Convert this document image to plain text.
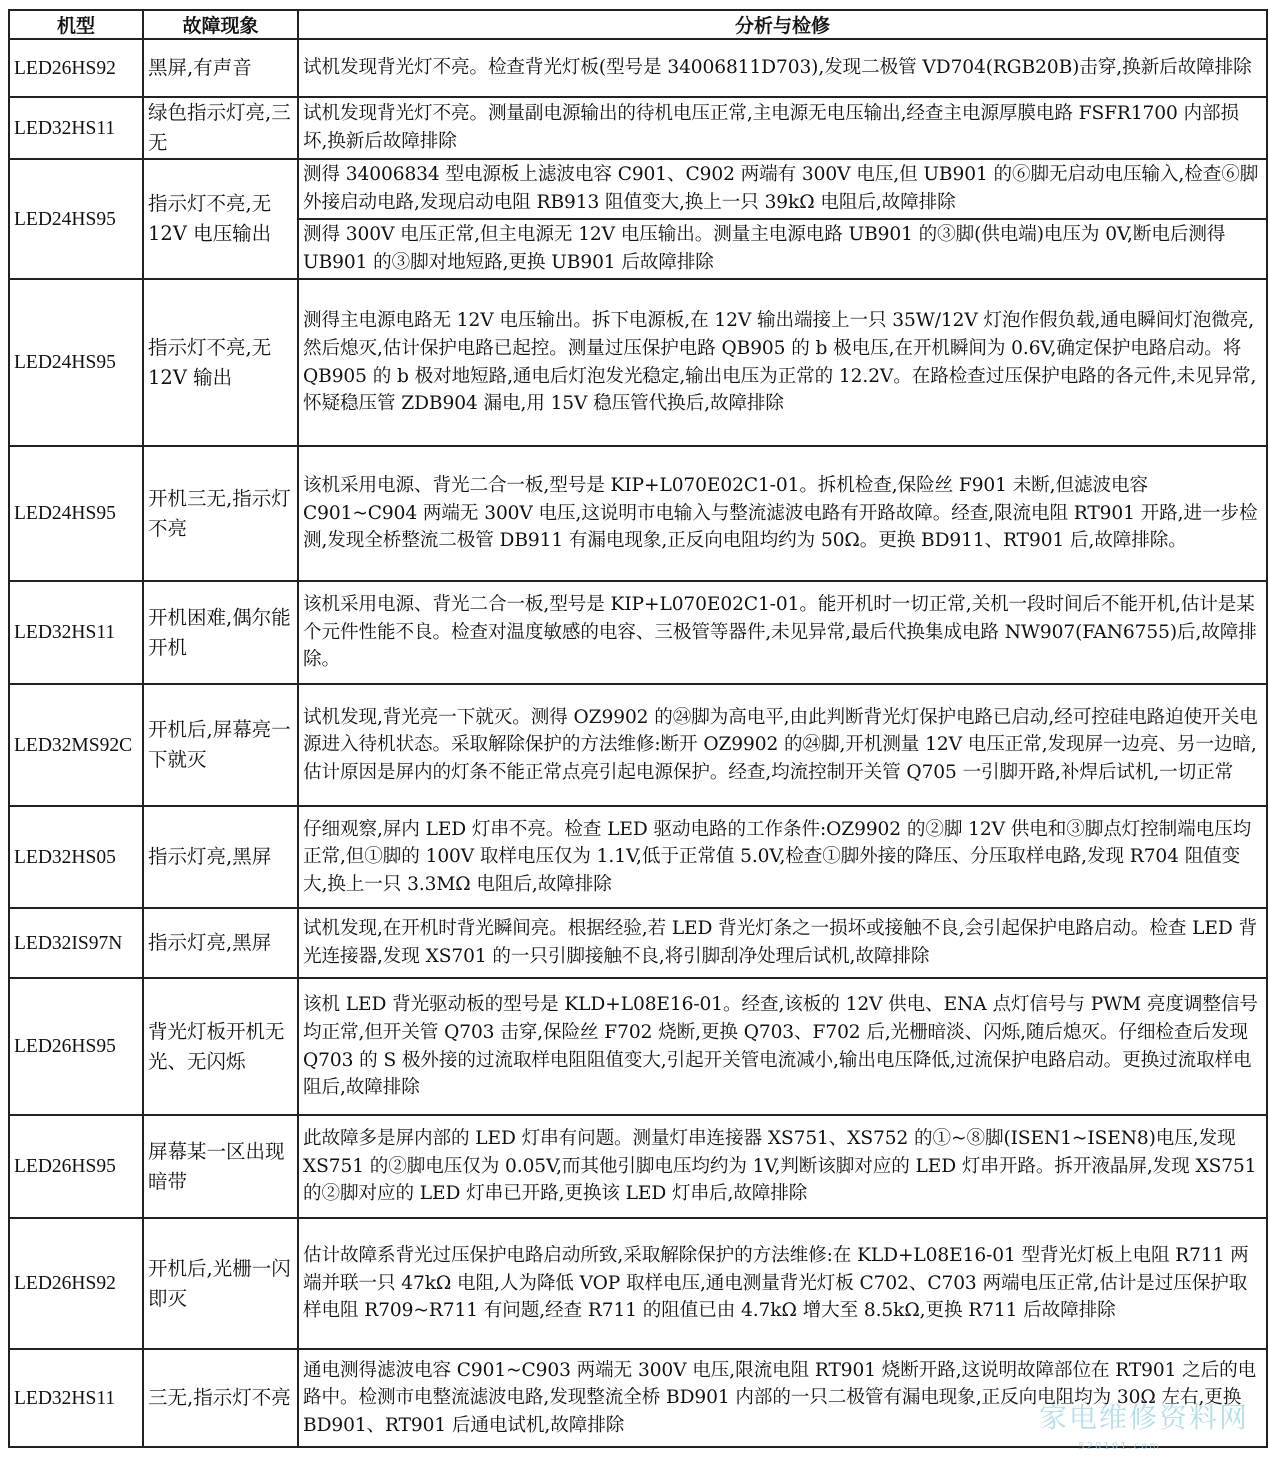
机型	故障现象	分析与检修
LED26HS92	黑屏,有声音	试机发现背光灯不亮。检查背光灯板(型号是 34006811D703),发现二极管 VD704(RGB20B)击穿,换新后故障排除
LED32HS11	绿色指示灯亮,三无	试机发现背光灯不亮。测量副电源输出的待机电压正常,主电源无电压输出,经查主电源厚膜电路 FSFR1700 内部损坏,换新后故障排除
LED24HS95	指示灯不亮,无 12V 电压输出	测得 34006834 型电源板上滤波电容 C901、C902 两端有 300V 电压,但 UB901 的⑥脚无启动电压输入,检查⑥脚外接启动电路,发现启动电阻 RB913 阻值变大,换上一只 39kΩ 电阻后,故障排除
		测得 300V 电压正常,但主电源无 12V 电压输出。测量主电源电路 UB901 的③脚(供电端)电压为 0V,断电后测得 UB901 的③脚对地短路,更换 UB901 后故障排除
LED24HS95	指示灯不亮,无 12V 输出	测得主电源电路无 12V 电压输出。拆下电源板,在 12V 输出端接上一只 35W/12V 灯泡作假负载,通电瞬间灯泡微亮,然后熄灭,估计保护电路已起控。测量过压保护电路 QB905 的 b 极电压,在开机瞬间为 0.6V,确定保护电路启动。将 QB905 的 b 极对地短路,通电后灯泡发光稳定,输出电压为正常的 12.2V。在路检查过压保护电路的各元件,未见异常,怀疑稳压管 ZDB904 漏电,用 15V 稳压管代换后,故障排除
LED24HS95	开机三无,指示灯不亮	该机采用电源、背光二合一板,型号是 KIP+L070E02C1-01。拆机检查,保险丝 F901 未断,但滤波电容 C901~C904 两端无 300V 电压,这说明市电输入与整流滤波电路有开路故障。经查,限流电阻 RT901 开路,进一步检测,发现全桥整流二极管 DB911 有漏电现象,正反向电阻均约为 50Ω。更换 BD911、RT901 后,故障排除。
LED32HS11	开机困难,偶尔能开机	该机采用电源、背光二合一板,型号是 KIP+L070E02C1-01。能开机时一切正常,关机一段时间后不能开机,估计是某个元件性能不良。检查对温度敏感的电容、三极管等器件,未见异常,最后代换集成电路 NW907(FAN6755)后,故障排除。
LED32MS92C	开机后,屏幕亮一下就灭	试机发现,背光亮一下就灭。测得 OZ9902 的㉔脚为高电平,由此判断背光灯保护电路已启动,经可控硅电路迫使开关电源进入待机状态。采取解除保护的方法维修:断开 OZ9902 的㉔脚,开机测量 12V 电压正常,发现屏一边亮、另一边暗,估计原因是屏内的灯条不能正常点亮引起电源保护。经查,均流控制开关管 Q705 一引脚开路,补焊后试机,一切正常
LED32HS05	指示灯亮,黑屏	仔细观察,屏内 LED 灯串不亮。检查 LED 驱动电路的工作条件:OZ9902 的②脚 12V 供电和③脚点灯控制端电压均正常,但①脚的 100V 取样电压仅为 1.1V,低于正常值 5.0V,检查①脚外接的降压、分压取样电路,发现 R704 阻值变大,换上一只 3.3MΩ 电阻后,故障排除
LED32IS97N	指示灯亮,黑屏	试机发现,在开机时背光瞬间亮。根据经验,若 LED 背光灯条之一损坏或接触不良,会引起保护电路启动。检查 LED 背光连接器,发现 XS701 的一只引脚接触不良,将引脚刮净处理后试机,故障排除
LED26HS95	背光灯板开机无光、无闪烁	该机 LED 背光驱动板的型号是 KLD+L08E16-01。经查,该板的 12V 供电、ENA 点灯信号与 PWM 亮度调整信号均正常,但开关管 Q703 击穿,保险丝 F702 烧断,更换 Q703、F702 后,光栅暗淡、闪烁,随后熄灭。仔细检查后发现 Q703 的 S 极外接的过流取样电阻阻值变大,引起开关管电流减小,输出电压降低,过流保护电路启动。更换过流取样电阻后,故障排除
LED26HS95	屏幕某一区出现暗带	此故障多是屏内部的 LED 灯串有问题。测量灯串连接器 XS751、XS752 的①~⑧脚(ISEN1~ISEN8)电压,发现 XS751 的②脚电压仅为 0.05V,而其他引脚电压均约为 1V,判断该脚对应的 LED 灯串开路。拆开液晶屏,发现 XS751 的②脚对应的 LED 灯串已开路,更换该 LED 灯串后,故障排除
LED26HS92	开机后,光栅一闪即灭	估计故障系背光过压保护电路启动所致,采取解除保护的方法维修:在 KLD+L08E16-01 型背光灯板上电阻 R711 两端并联一只 47kΩ 电阻,人为降低 VOP 取样电压,通电测量背光灯板 C702、C703 两端电压正常,估计是过压保护取样电阻 R709~R711 有问题,经查 R711 的阻值已由 4.7kΩ 增大至 8.5kΩ,更换 R711 后故障排除
LED32HS11	三无,指示灯不亮	通电测得滤波电容 C901~C903 两端无 300V 电压,限流电阻 RT901 烧断开路,这说明故障部位在 RT901 之后的电路中。检测市电整流滤波电路,发现整流全桥 BD901 内部的一只二极管有漏电现象,正反向电阻均为 30Ω 左右,更换 BD901、RT901 后通电试机,故障排除	家电维修资料网
520101.com
